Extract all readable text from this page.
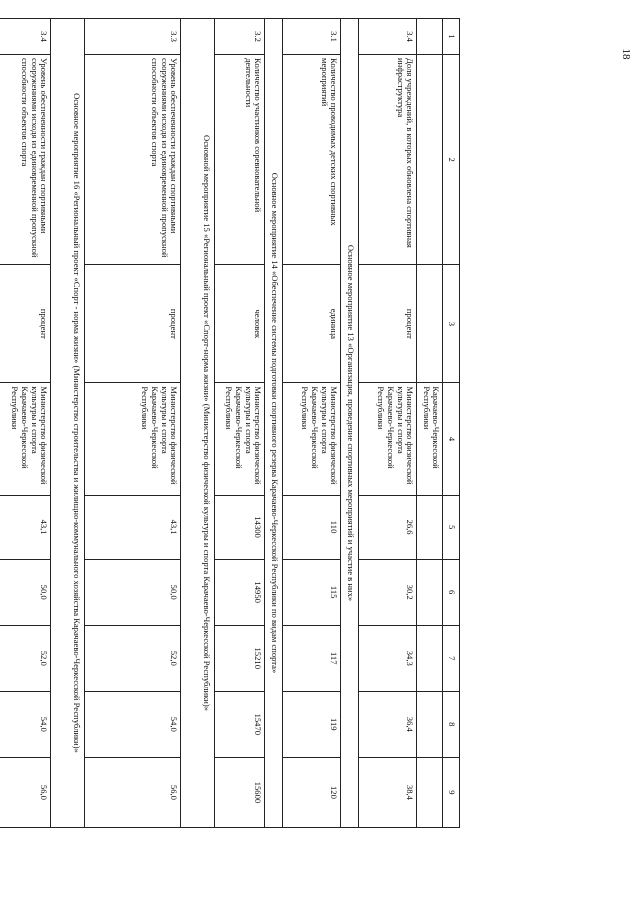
18
1	2	3	4	5	6	7	8	9
			Карачаево-Черкесской Республики					
3.4	Доля учреждений, в которых обновлена спортивная инфраструктура	процент	Министерство физической культуры и спорта Карачаево-Черкесской Республики	26,6	30,2	34,3	36,4	38,4
Основное мероприятие 13 «Организация, проведение спортивных мероприятий и участие в них»								
3.1	Количество проводимых детских спортивных мероприятий	единица	Министерство физической культуры и спорта Карачаево-Черкесской Республики	110	115	117	119	120
Основное мероприятие 14 «Обеспечение системы подготовки спортивного резерва Карачаево-Черкесской Республики по видам спорта»								
3.2	Количество участников соревновательной деятельности	человек	Министерство физической культуры и спорта Карачаево-Черкесской Республики	14300	14950	15210	15470	15600
Основной мероприятие 15 «Региональный проект «Спорт-норма жизни» (Министерство физической культуры и спорта Карачаево-Черкесской Республики)»								
3.3	Уровень обеспеченности граждан спортивными сооружениями исходя из единовременной пропускной способности объектов спорта	процент	Министерство физической культуры и спорта Карачаево-Черкесской Республики	43,1	50,0	52,0	54,0	56,0
Основное мероприятие 16 «Региональный проект «Спорт - норма жизни» (Министерство строительства и жилищно-коммунального хозяйства Карачаево-Черкесской Республики)»								
3.4	Уровень обеспеченности граждан спортивными сооружениями исходя из единовременной пропускной способности объектов спорта	процент	Министерство физической культуры и спорта Карачаево-Черкесской Республики	43,1	50,0	52,0	54,0	56,0
